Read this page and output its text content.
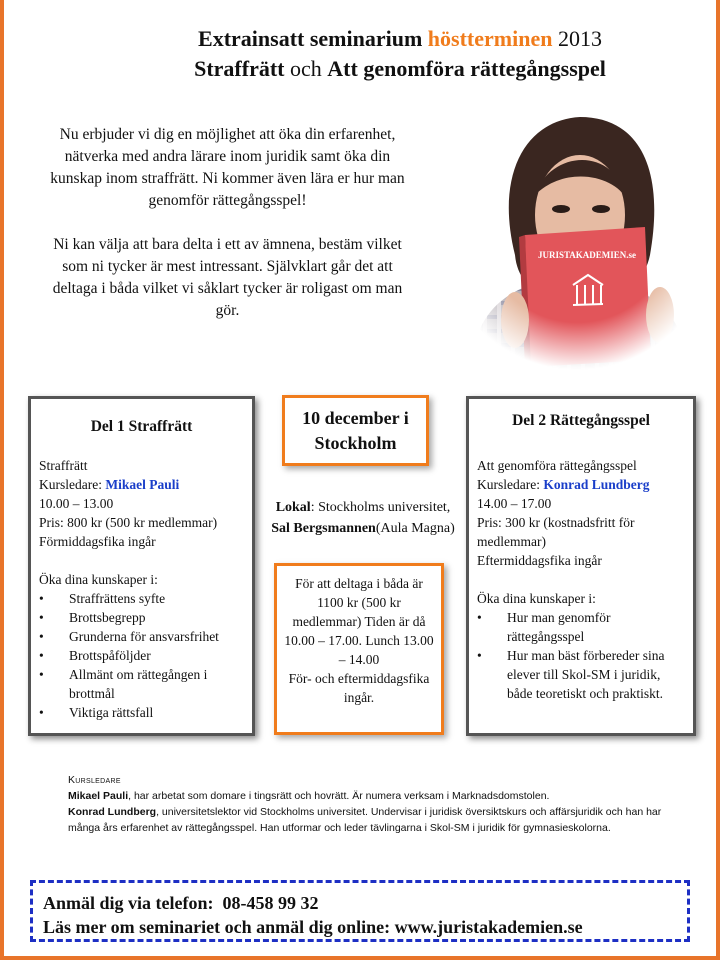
Extrainsatt seminarium höstterminen 2013
Straffrätt och Att genomföra rättegångsspel

Nu erbjuder vi dig en möjlighet att öka din erfarenhet, nätverka med andra lärare inom juridik samt öka din kunskap inom straffrätt. Ni kommer även lära er hur man genomför rättegångsspel!

Ni kan välja att bara delta i ett av ämnena, bestäm vilket som ni tycker är mest intressant. Självklart går det att deltaga i båda vilket vi såklart tycker är roligast om man gör.

Del 1 Straffrätt
Straffrätt
Kursledare: Mikael Pauli
10.00 – 13.00
Pris: 800 kr (500 kr medlemmar)
Förmiddagsfika ingår
Öka dina kunskaper i:
• Straffrättens syfte
• Brottsbegrepp
• Grunderna för ansvarsfrihet
• Brottspåföljder
• Allmänt om rättegången i brottmål
• Viktiga rättsfall
10 december i Stockholm
Lokal: Stockholms universitet,
Sal Bergsmannen(Aula Magna)
För att deltaga i båda är 1100 kr (500 kr medlemmar) Tiden är då 10.00 – 17.00. Lunch 13.00 – 14.00
För- och eftermiddagsfika ingår.
Del 2 Rättegångsspel
Att genomföra rättegångsspel
Kursledare: Konrad Lundberg
14.00 – 17.00
Pris: 300 kr (kostnadsfritt för medlemmar)
Eftermiddagsfika ingår
Öka dina kunskaper i:
• Hur man genomför rättegångsspel
• Hur man bäst förbereder sina elever till Skol-SM i juridik, både teoretiskt och praktiskt.
Kursledare
Mikael Pauli, har arbetat som domare i tingsrätt och hovrätt. Är numera verksam i Marknadsdomstolen.
Konrad Lundberg, universitetslektor vid Stockholms universitet. Undervisar i juridisk översiktskurs och affärsjuridik och han har många års erfarenhet av rättegångsspel. Han utformar och leder tävlingarna i Skol-SM i juridik för gymnasieskolorna.
Anmäl dig via telefon: 08-458 99 32
Läs mer om seminariet och anmäl dig online: www.juristakademien.se
